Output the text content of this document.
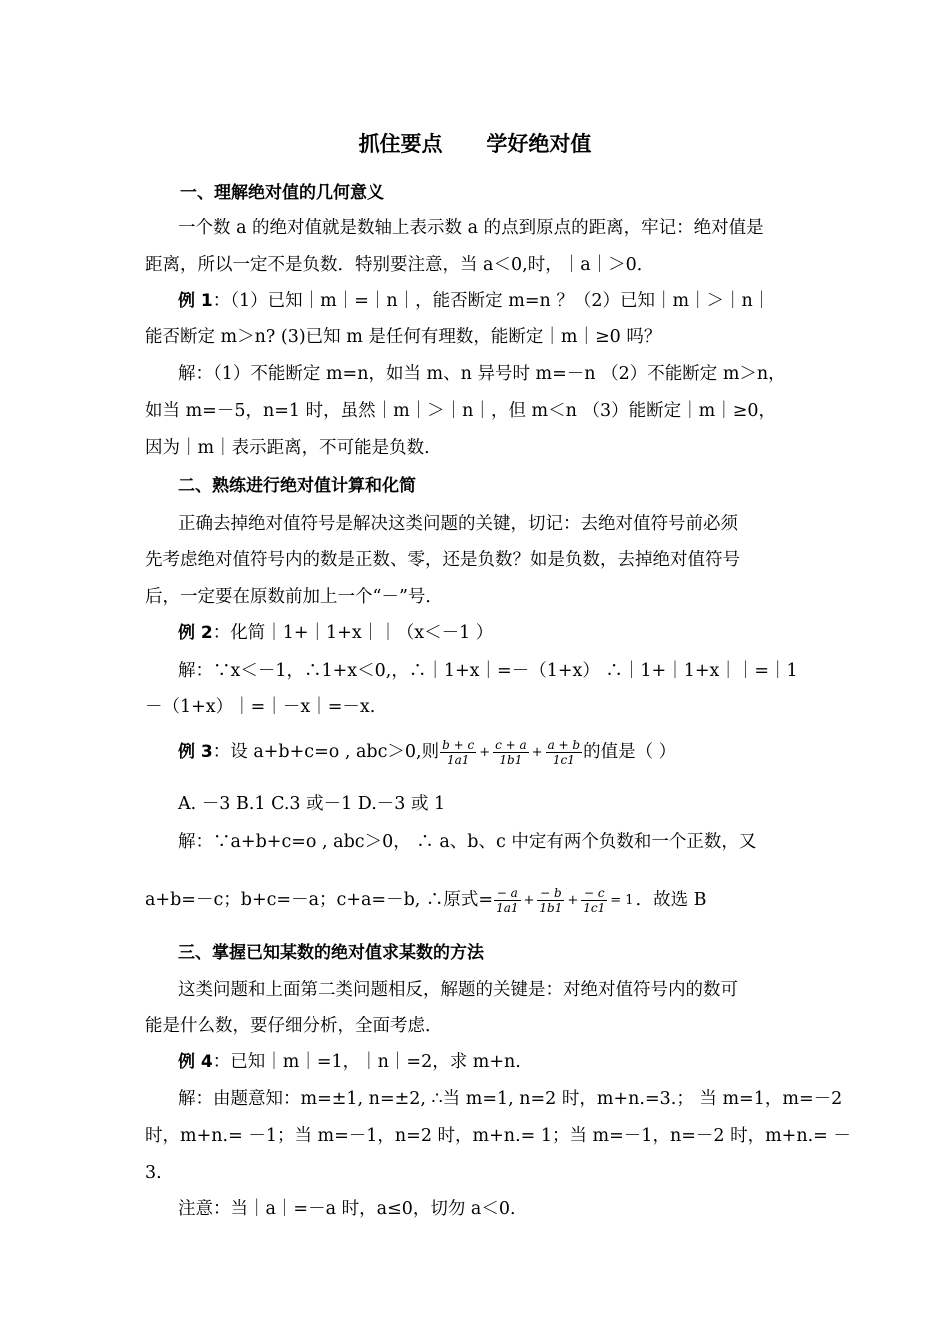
抓住要点      学好绝对值
一、理解绝对值的几何意义
一个数 a 的绝对值就是数轴上表示数 a 的点到原点的距离，牢记：绝对值是
距离，所以一定不是负数．特别要注意，当 a＜0,时，｜a｜＞0．
例 1：（1）已知｜m｜=｜n｜，能否断定 m=n ？（2）已知｜m｜＞｜n｜
能否断定 m＞n? (3)已知 m 是任何有理数，能断定｜m｜≥0 吗？
解：（1）不能断定 m=n，如当 m、n 异号时 m=－n （2）不能断定 m＞n，
如当 m=－5，n=1 时，虽然｜m｜＞｜n｜，但 m＜n （3）能断定｜m｜≥0，
因为｜m｜表示距离，不可能是负数.
二、熟练进行绝对值计算和化简
正确去掉绝对值符号是解决这类问题的关键，切记：去绝对值符号前必须
先考虑绝对值符号内的数是正数、零，还是负数？如是负数，去掉绝对值符号
后，一定要在原数前加上一个“－”号．
例 2：化简｜1+｜1+x｜｜（x＜－1 ）
解：∵x＜－1，∴1+x＜0,，∴｜1+x｜=－（1+x） ∴｜1+｜1+x｜｜=｜1
－（1+x）｜=｜－x｜=－x.
例 3：设 a+b+c=o , abc＞0,则 $\frac{b + c}{1a1} + \frac{c + a}{1b1} + \frac{a + b}{1c1}$ 的值是（ ）
A. －3 B.1 C.3 或－1 D.－3 或 1
解：∵a+b+c=o , abc＞0， ∴ a、b、c 中定有两个负数和一个正数，又
a+b=－c；b+c=－a；c+a=－b, ∴原式= $\frac{- a}{1a1} + \frac{- b}{1b1} + \frac{- c}{1c1} = 1$ ．故选 B
三、掌握已知某数的绝对值求某数的方法
这类问题和上面第二类问题相反，解题的关键是：对绝对值符号内的数可
能是什么数，要仔细分析，全面考虑．
例 4：已知｜m｜=1，｜n｜=2，求 m+n.
解：由题意知：m=±1, n=±2, ∴当 m=1, n=2 时，m+n.=3.； 当 m=1，m=－2
时，m+n.= －1；当 m=－1，n=2 时，m+n.= 1；当 m=－1，n=－2 时，m+n.= －
3.
注意：当｜a｜=－a 时，a≤0，切勿 a＜0.
